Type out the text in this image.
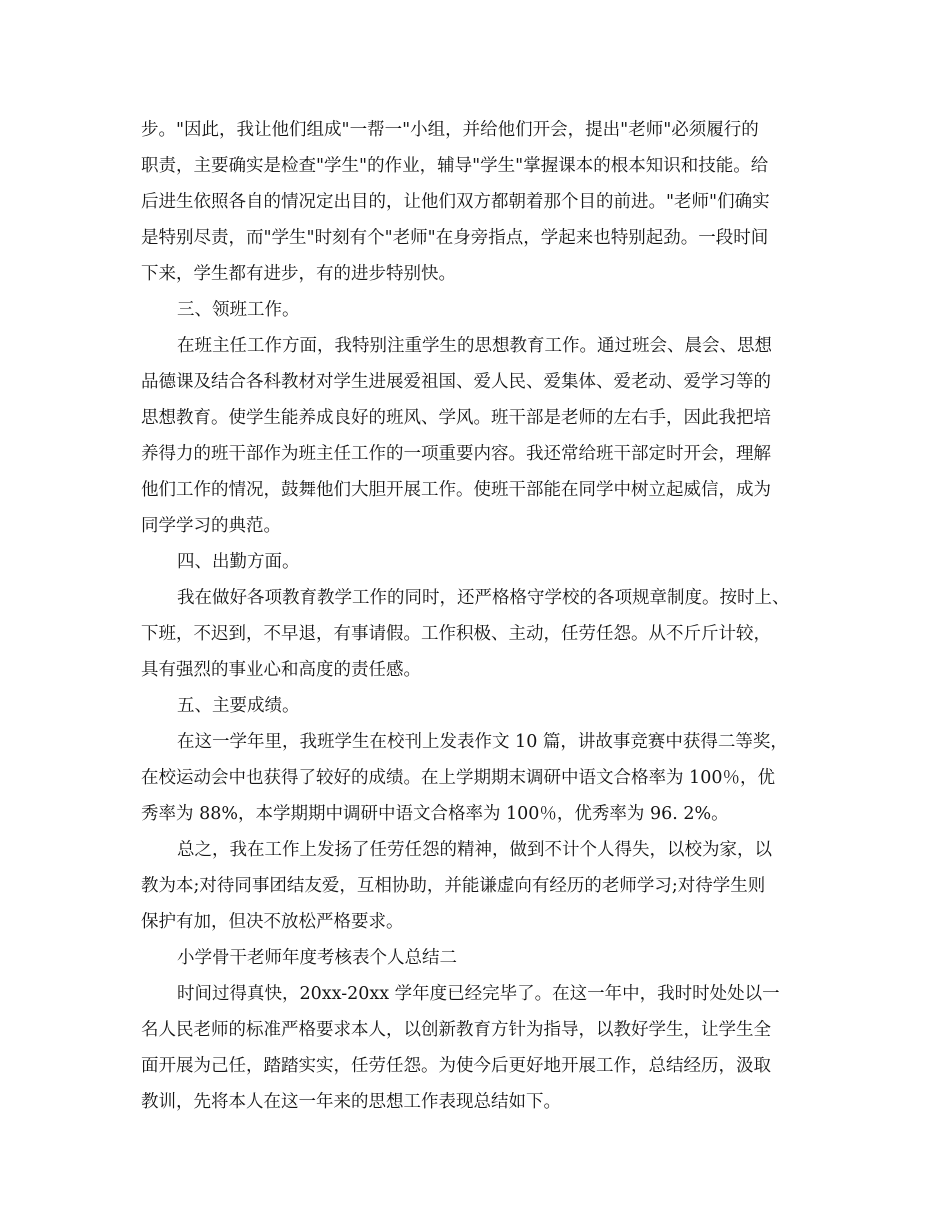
步。"因此，我让他们组成"一帮一"小组，并给他们开会，提出"老师"必须履行的
职责，主要确实是检查"学生"的作业，辅导"学生"掌握课本的根本知识和技能。给
后进生依照各自的情况定出目的，让他们双方都朝着那个目的前进。"老师"们确实
是特别尽责，而"学生"时刻有个"老师"在身旁指点，学起来也特别起劲。一段时间
下来，学生都有进步，有的进步特别快。
三、领班工作。
在班主任工作方面，我特别注重学生的思想教育工作。通过班会、晨会、思想
品德课及结合各科教材对学生进展爱祖国、爱人民、爱集体、爱老动、爱学习等的
思想教育。使学生能养成良好的班风、学风。班干部是老师的左右手，因此我把培
养得力的班干部作为班主任工作的一项重要内容。我还常给班干部定时开会，理解
他们工作的情况，鼓舞他们大胆开展工作。使班干部能在同学中树立起威信，成为
同学学习的典范。
四、出勤方面。
我在做好各项教育教学工作的同时，还严格格守学校的各项规章制度。按时上、
下班，不迟到，不早退，有事请假。工作积极、主动，任劳任怨。从不斤斤计较，
具有强烈的事业心和高度的责任感。
五、主要成绩。
在这一学年里，我班学生在校刊上发表作文 10 篇，讲故事竞赛中获得二等奖，
在校运动会中也获得了较好的成绩。在上学期期末调研中语文合格率为 100％，优
秀率为 88%，本学期期中调研中语文合格率为 100％，优秀率为 96. 2%。
总之，我在工作上发扬了任劳任怨的精神，做到不计个人得失，以校为家，以
教为本;对待同事团结友爱，互相协助，并能谦虚向有经历的老师学习;对待学生则
保护有加，但决不放松严格要求。
小学骨干老师年度考核表个人总结二
时间过得真快，20xx-20xx 学年度已经完毕了。在这一年中，我时时处处以一
名人民老师的标准严格要求本人，以创新教育方针为指导，以教好学生，让学生全
面开展为己任，踏踏实实，任劳任怨。为使今后更好地开展工作，总结经历，汲取
教训，先将本人在这一年来的思想工作表现总结如下。
